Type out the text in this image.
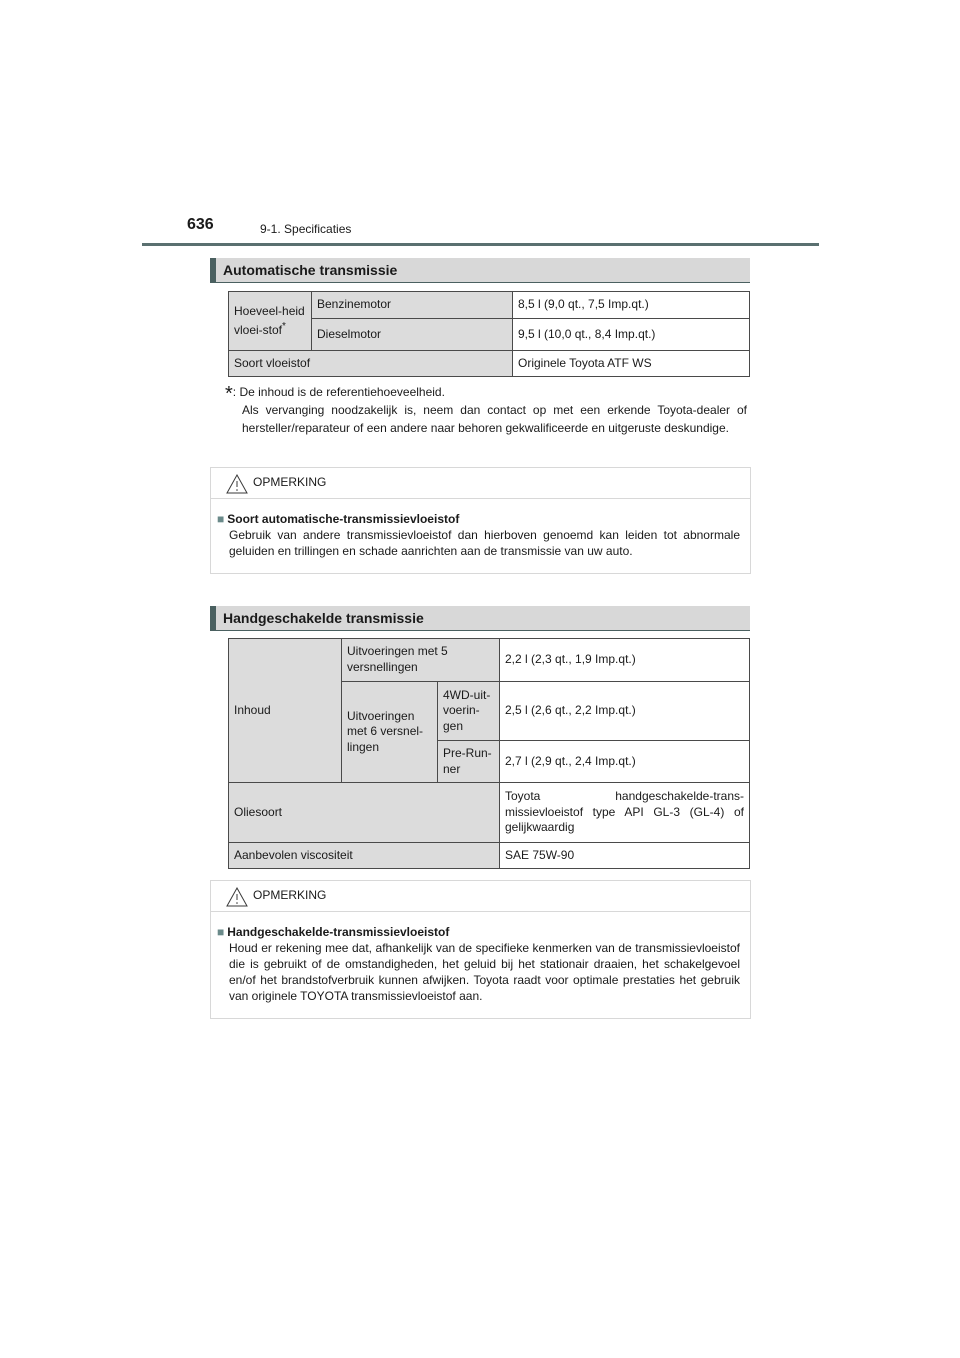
636	9-1. Specificaties
Automatische transmissie
Hoeveel-heid vloei-stof*	Benzinemotor	8,5 l (9,0 qt., 7,5 Imp.qt.)
	Dieselmotor	9,5 l (10,0 qt., 8,4 Imp.qt.)
Soort vloeistof		Originele Toyota ATF WS
*: De inhoud is de referentiehoeveelheid.
Als vervanging noodzakelijk is, neem dan contact op met een erkende Toyota-dealer of hersteller/reparateur of een andere naar behoren gekwalificeerde en uitgeruste deskundige.
OPMERKING
■ Soort automatische-transmissievloeistof
Gebruik van andere transmissievloeistof dan hierboven genoemd kan leiden tot abnormale geluiden en trillingen en schade aanrichten aan de transmissie van uw auto.
Handgeschakelde transmissie
Inhoud	Uitvoeringen met 5 versnellingen		2,2 l (2,3 qt., 1,9 Imp.qt.)
	Uitvoeringen met 6 versnel-lingen	4WD-uit-voerin-gen	2,5 l (2,6 qt., 2,2 Imp.qt.)
		Pre-Run-ner	2,7 l (2,9 qt., 2,4 Imp.qt.)
Oliesoort			Toyota handgeschakelde-trans-missievloeistof type API GL-3 (GL-4) of gelijkwaardig
Aanbevolen viscositeit			SAE 75W-90
OPMERKING
■ Handgeschakelde-transmissievloeistof
Houd er rekening mee dat, afhankelijk van de specifieke kenmerken van de transmissievloeistof die is gebruikt of de omstandigheden, het geluid bij het stationair draaien, het schakelgevoel en/of het brandstofverbruik kunnen afwijken. Toyota raadt voor optimale prestaties het gebruik van originele TOYOTA transmissievloeistof aan.
